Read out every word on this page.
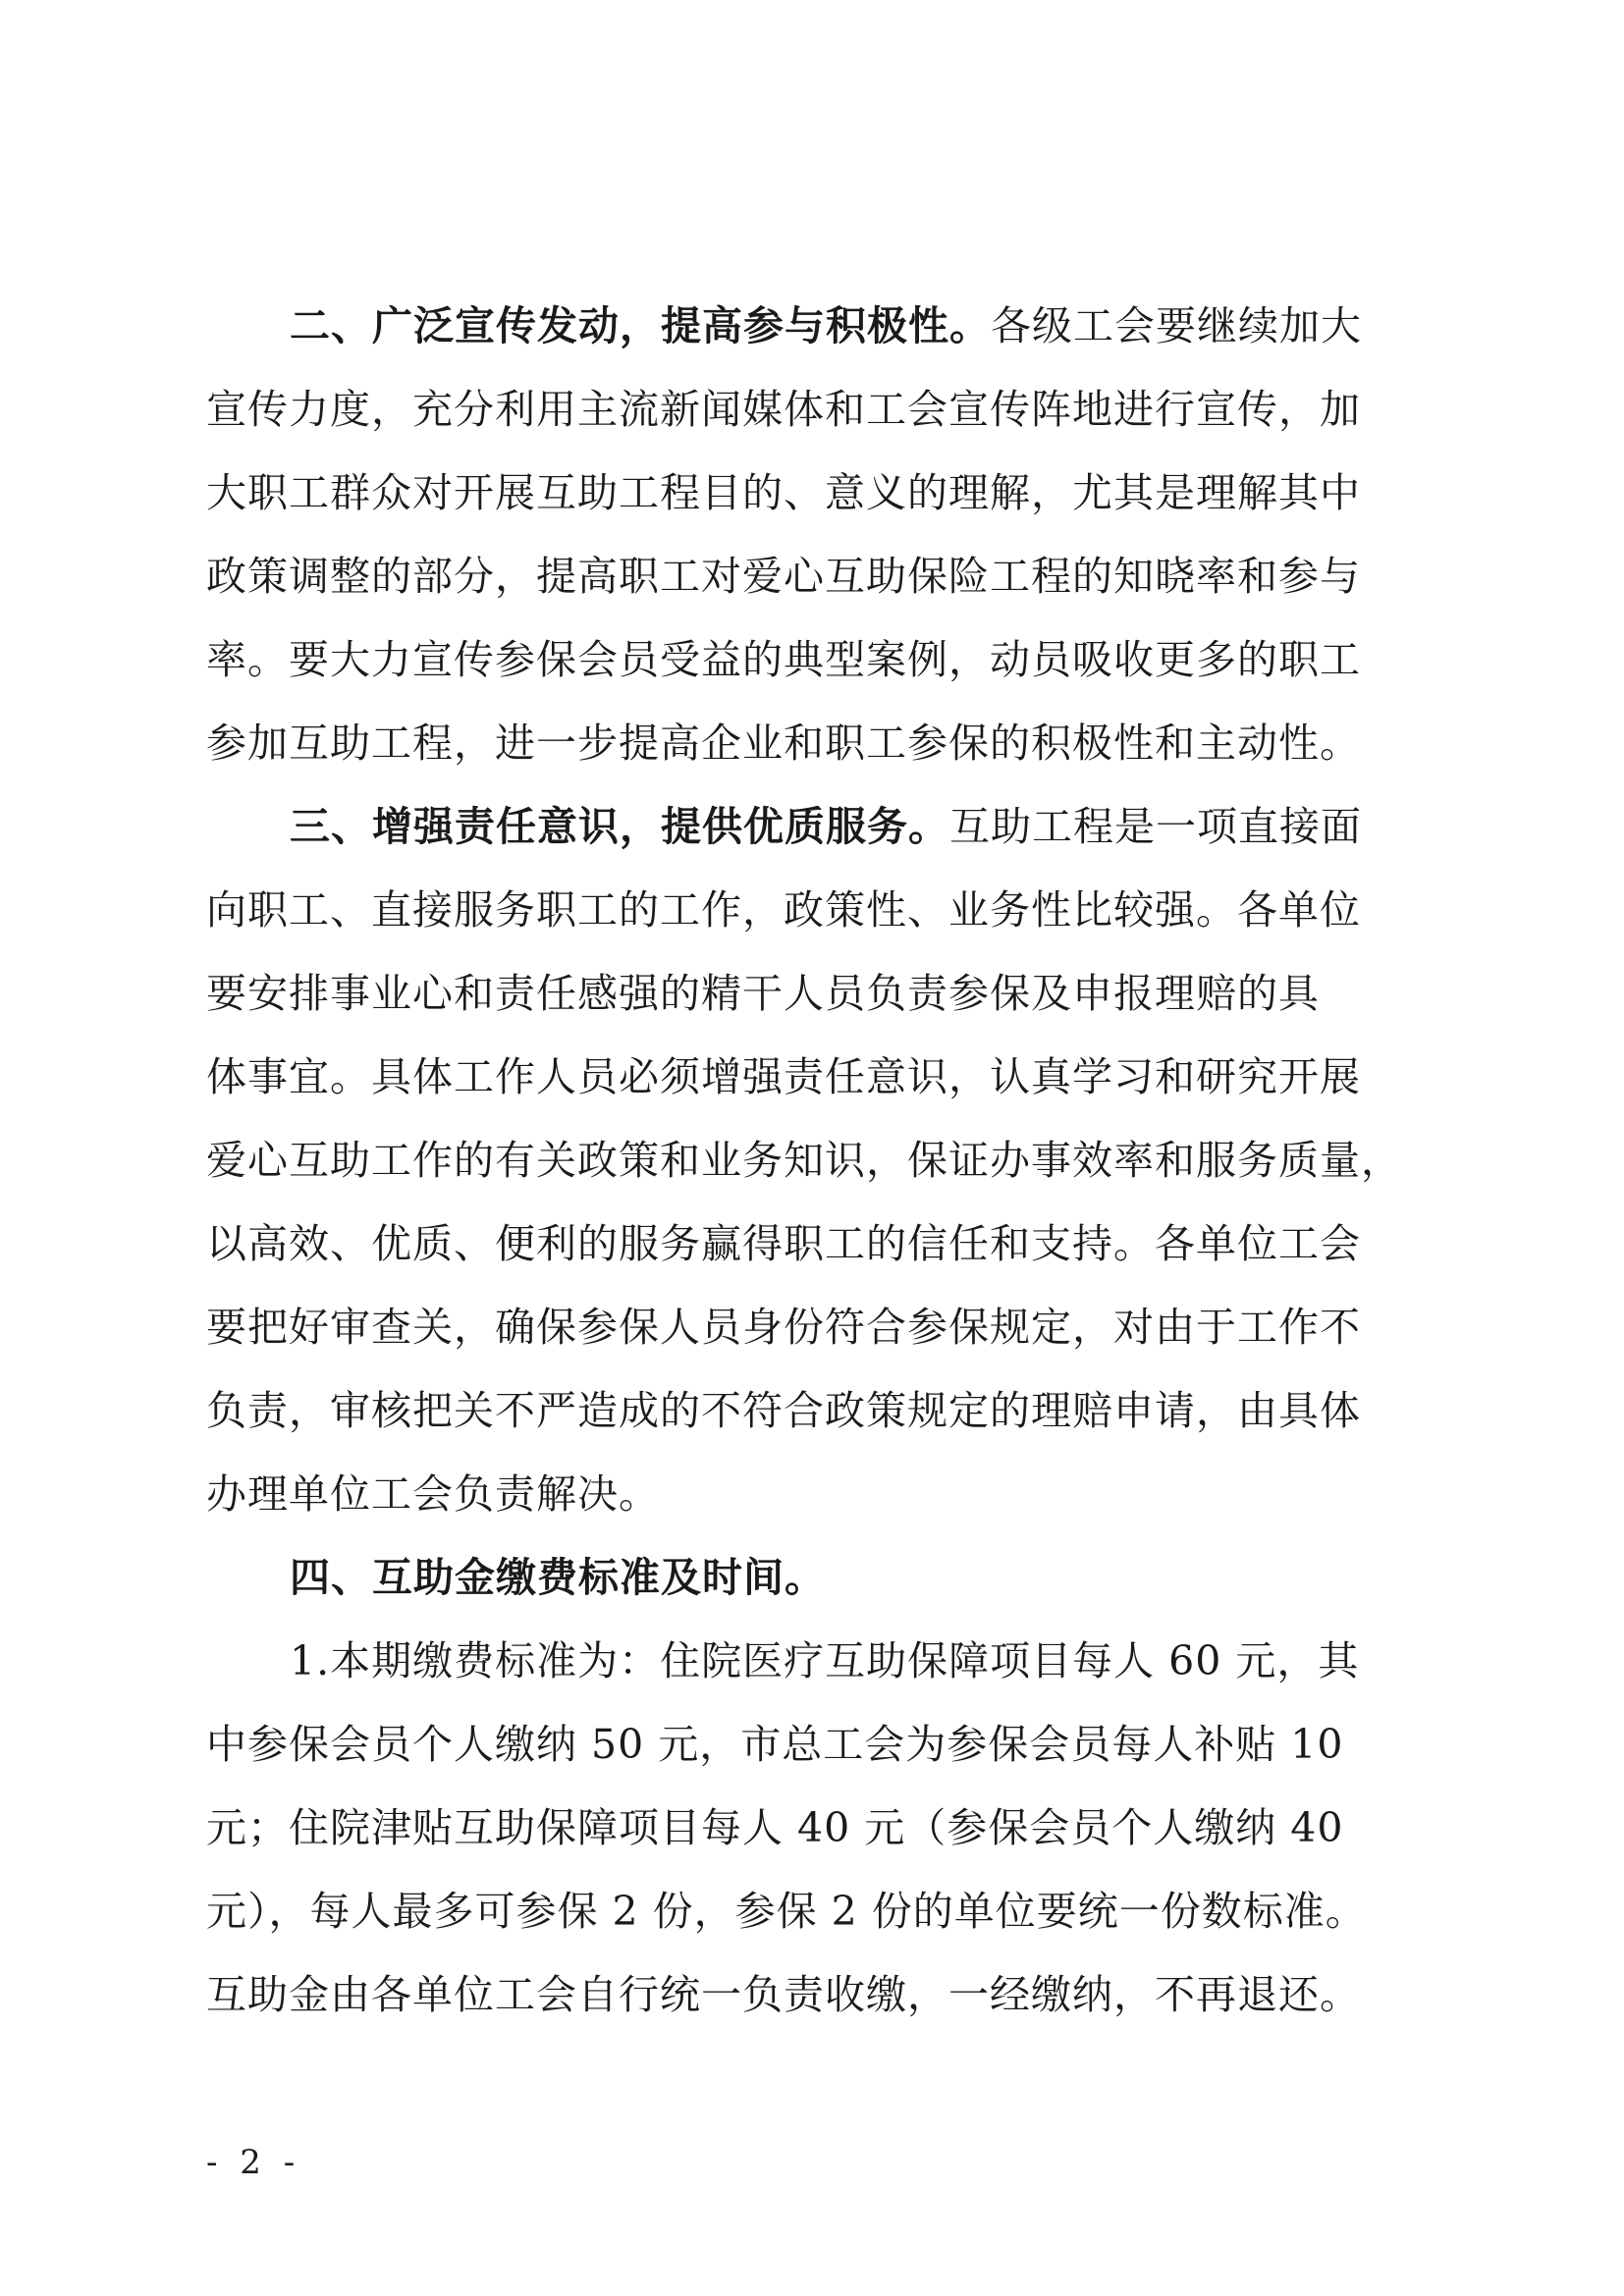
二、广泛宣传发动，提高参与积极性。各级工会要继续加大
宣传力度，充分利用主流新闻媒体和工会宣传阵地进行宣传，加
大职工群众对开展互助工程目的、意义的理解，尤其是理解其中
政策调整的部分，提高职工对爱心互助保险工程的知晓率和参与
率。要大力宣传参保会员受益的典型案例，动员吸收更多的职工
参加互助工程，进一步提高企业和职工参保的积极性和主动性。
三、增强责任意识，提供优质服务。互助工程是一项直接面
向职工、直接服务职工的工作，政策性、业务性比较强。各单位
要安排事业心和责任感强的精干人员负责参保及申报理赔的具
体事宜。具体工作人员必须增强责任意识，认真学习和研究开展
爱心互助工作的有关政策和业务知识，保证办事效率和服务质量，
以高效、优质、便利的服务赢得职工的信任和支持。各单位工会
要把好审查关，确保参保人员身份符合参保规定，对由于工作不
负责，审核把关不严造成的不符合政策规定的理赔申请，由具体
办理单位工会负责解决。
四、互助金缴费标准及时间。
1.本期缴费标准为：住院医疗互助保障项目每人 60 元，其
中参保会员个人缴纳 50 元，市总工会为参保会员每人补贴 10
元；住院津贴互助保障项目每人 40 元（参保会员个人缴纳 40
元），每人最多可参保 2 份，参保 2 份的单位要统一份数标准。
互助金由各单位工会自行统一负责收缴，一经缴纳，不再退还。
- 2 -
